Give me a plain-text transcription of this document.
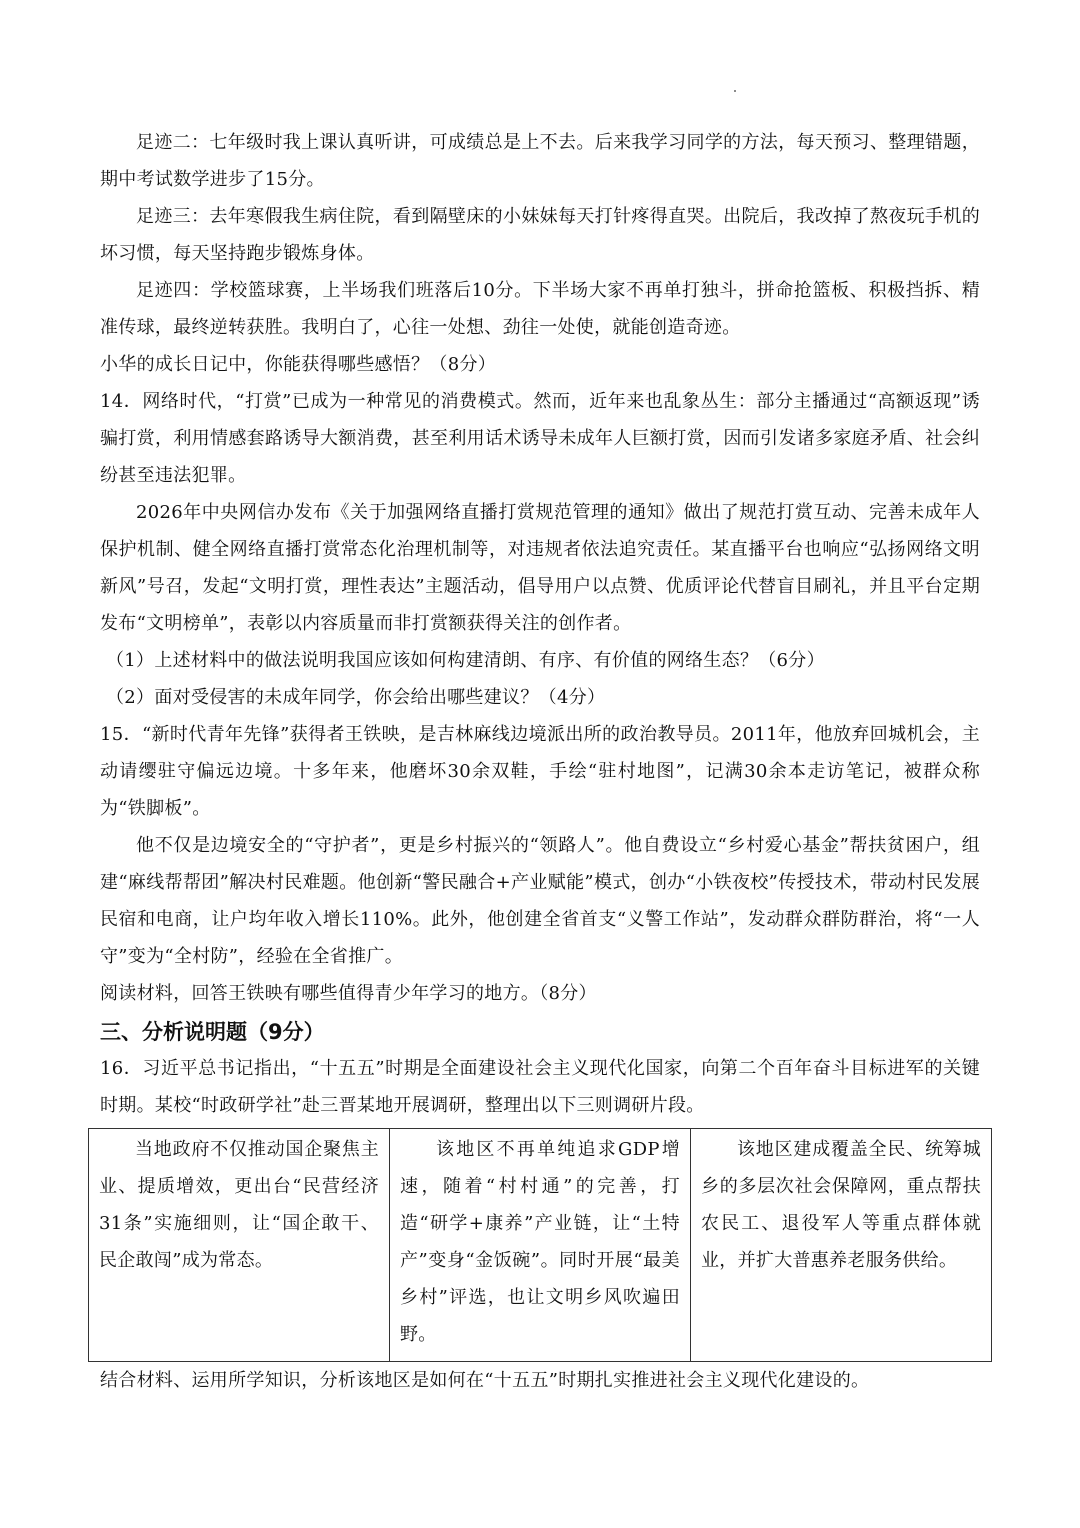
足迹二：七年级时我上课认真听讲，可成绩总是上不去。后来我学习同学的方法，每天预习、整理错题，期中考试数学进步了15分。

足迹三：去年寒假我生病住院，看到隔壁床的小妹妹每天打针疼得直哭。出院后，我改掉了熬夜玩手机的坏习惯，每天坚持跑步锻炼身体。

足迹四：学校篮球赛，上半场我们班落后10分。下半场大家不再单打独斗，拼命抢篮板、积极挡拆、精准传球，最终逆转获胜。我明白了，心往一处想、劲往一处使，就能创造奇迹。

小华的成长日记中，你能获得哪些感悟？（8分）

14．网络时代，“打赏”已成为一种常见的消费模式。然而，近年来也乱象丛生：部分主播通过“高额返现”诱骗打赏，利用情感套路诱导大额消费，甚至利用话术诱导未成年人巨额打赏，因而引发诸多家庭矛盾、社会纠纷甚至违法犯罪。

2026年中央网信办发布《关于加强网络直播打赏规范管理的通知》做出了规范打赏互动、完善未成年人保护机制、健全网络直播打赏常态化治理机制等，对违规者依法追究责任。某直播平台也响应“弘扬网络文明新风”号召，发起“文明打赏，理性表达”主题活动，倡导用户以点赞、优质评论代替盲目刷礼，并且平台定期发布“文明榜单”，表彰以内容质量而非打赏额获得关注的创作者。

（1）上述材料中的做法说明我国应该如何构建清朗、有序、有价值的网络生态？（6分）

（2）面对受侵害的未成年同学，你会给出哪些建议？（4分）

15．“新时代青年先锋”获得者王铁映，是吉林麻线边境派出所的政治教导员。2011年，他放弃回城机会，主动请缨驻守偏远边境。十多年来，他磨坏30余双鞋，手绘“驻村地图”，记满30余本走访笔记，被群众称为“铁脚板”。

他不仅是边境安全的“守护者”，更是乡村振兴的“领路人”。他自费设立“乡村爱心基金”帮扶贫困户，组建“麻线帮帮团”解决村民难题。他创新“警民融合+产业赋能”模式，创办“小铁夜校”传授技术，带动村民发展民宿和电商，让户均年收入增长110%。此外，他创建全省首支“义警工作站”，发动群众群防群治，将“一人守”变为“全村防”，经验在全省推广。

阅读材料，回答王铁映有哪些值得青少年学习的地方。（8分）

三、分析说明题（9分）

16．习近平总书记指出，“十五五”时期是全面建设社会主义现代化国家，向第二个百年奋斗目标进军的关键时期。某校“时政研学社”赴三晋某地开展调研，整理出以下三则调研片段。

当地政府不仅推动国企聚焦主业、提质增效，更出台“民营经济31条”实施细则，让“国企敢干、民企敢闯”成为常态。	该地区不再单纯追求GDP增速，随着“村村通”的完善，打造“研学+康养”产业链，让“土特产”变身“金饭碗”。同时开展“最美乡村”评选，也让文明乡风吹遍田野。	该地区建成覆盖全民、统筹城乡的多层次社会保障网，重点帮扶农民工、退役军人等重点群体就业，并扩大普惠养老服务供给。

结合材料、运用所学知识，分析该地区是如何在“十五五”时期扎实推进社会主义现代化建设的。
